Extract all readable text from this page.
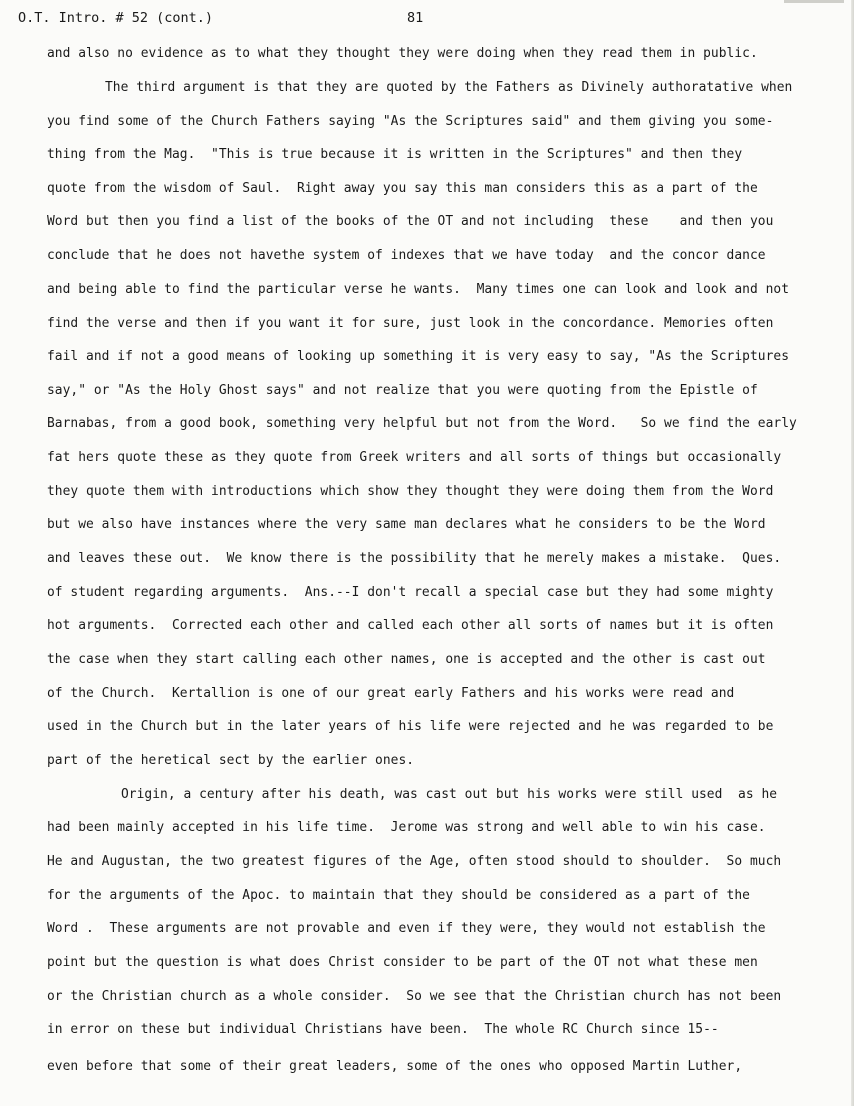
O.T. Intro. # 52 (cont.)

	81

and also no evidence as to what they thought they were doing when they read them in public.
The third argument is that they are quoted by the Fathers as Divinely authoratative when
you find some of the Church Fathers saying "As the Scriptures said" and them giving you some-
thing from the Mag.  "This is true because it is written in the Scriptures" and then they
quote from the wisdom of Saul.  Right away you say this man considers this as a part of the
Word but then you find a list of the books of the OT and not including  these    and then you
conclude that he does not havethe system of indexes that we have today  and the concor dance
and being able to find the particular verse he wants.  Many times one can look and look and not
find the verse and then if you want it for sure, just look in the concordance. Memories often
fail and if not a good means of looking up something it is very easy to say, "As the Scriptures
say," or "As the Holy Ghost says" and not realize that you were quoting from the Epistle of
Barnabas, from a good book, something very helpful but not from the Word.   So we find the early
fat hers quote these as they quote from Greek writers and all sorts of things but occasionally
they quote them with introductions which show they thought they were doing them from the Word
but we also have instances where the very same man declares what he considers to be the Word
and leaves these out.  We know there is the possibility that he merely makes a mistake.  Ques.
of student regarding arguments.  Ans.--I don't recall a special case but they had some mighty
hot arguments.  Corrected each other and called each other all sorts of names but it is often
the case when they start calling each other names, one is accepted and the other is cast out
of the Church.  Kertallion is one of our great early Fathers and his works were read and
used in the Church but in the later years of his life were rejected and he was regarded to be
part of the heretical sect by the earlier ones.
Origin, a century after his death, was cast out but his works were still used  as he
had been mainly accepted in his life time.  Jerome was strong and well able to win his case.
He and Augustan, the two greatest figures of the Age, often stood should to shoulder.  So much
for the arguments of the Apoc. to maintain that they should be considered as a part of the
Word .  These arguments are not provable and even if they were, they would not establish the
point but the question is what does Christ consider to be part of the OT not what these men
or the Christian church as a whole consider.  So we see that the Christian church has not been
in error on these but individual Christians have been.  The whole RC Church since 15--
even before that some of their great leaders, some of the ones who opposed Martin Luther,
